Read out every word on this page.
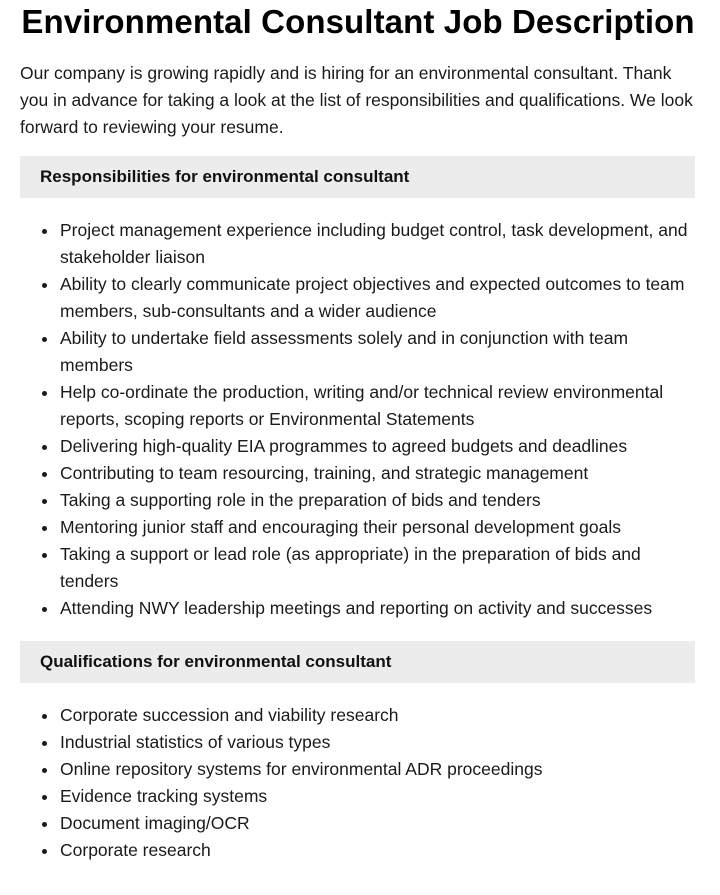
Environmental Consultant Job Description

Our company is growing rapidly and is hiring for an environmental consultant. Thank you in advance for taking a look at the list of responsibilities and qualifications. We look forward to reviewing your resume.

Responsibilities for environmental consultant
Project management experience including budget control, task development, and stakeholder liaison
Ability to clearly communicate project objectives and expected outcomes to team members, sub-consultants and a wider audience
Ability to undertake field assessments solely and in conjunction with team members
Help co-ordinate the production, writing and/or technical review environmental reports, scoping reports or Environmental Statements
Delivering high-quality EIA programmes to agreed budgets and deadlines
Contributing to team resourcing, training, and strategic management
Taking a supporting role in the preparation of bids and tenders
Mentoring junior staff and encouraging their personal development goals
Taking a support or lead role (as appropriate) in the preparation of bids and tenders
Attending NWY leadership meetings and reporting on activity and successes
Qualifications for environmental consultant
Corporate succession and viability research
Industrial statistics of various types
Online repository systems for environmental ADR proceedings
Evidence tracking systems
Document imaging/OCR
Corporate research
